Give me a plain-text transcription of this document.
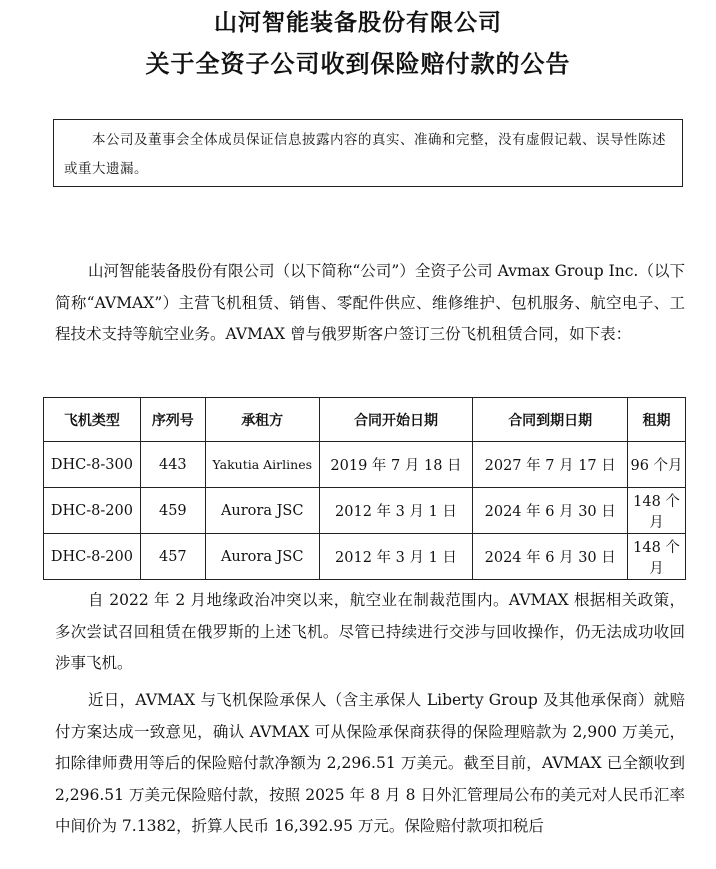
山河智能装备股份有限公司
关于全资子公司收到保险赔付款的公告
本公司及董事会全体成员保证信息披露内容的真实、准确和完整，没有虚假记载、误导性陈述或重大遗漏。

山河智能装备股份有限公司（以下简称“公司”）全资子公司 Avmax Group Inc.（以下简称“AVMAX”）主营飞机租赁、销售、零配件供应、维修维护、包机服务、航空电子、工程技术支持等航空业务。AVMAX 曾与俄罗斯客户签订三份飞机租赁合同，如下表：

飞机类型	序列号	承租方	合同开始日期	合同到期日期	租期
DHC-8-300	443	Yakutia Airlines	2019 年 7 月 18 日	2027 年 7 月 17 日	96 个月
DHC-8-200	459	Aurora JSC	2012 年 3 月 1 日	2024 年 6 月 30 日	148 个月
DHC-8-200	457	Aurora JSC	2012 年 3 月 1 日	2024 年 6 月 30 日	148 个月

自 2022 年 2 月地缘政治冲突以来，航空业在制裁范围内。AVMAX 根据相关政策，多次尝试召回租赁在俄罗斯的上述飞机。尽管已持续进行交涉与回收操作，仍无法成功收回涉事飞机。

近日，AVMAX 与飞机保险承保人（含主承保人 Liberty Group 及其他承保商）就赔付方案达成一致意见，确认 AVMAX 可从保险承保商获得的保险理赔款为 2,900 万美元，扣除律师费用等后的保险赔付款净额为 2,296.51 万美元。截至目前，AVMAX 已全额收到 2,296.51 万美元保险赔付款，按照 2025 年 8 月 8 日外汇管理局公布的美元对人民币汇率中间价为 7.1382，折算人民币 16,392.95 万元。保险赔付款项扣税后
